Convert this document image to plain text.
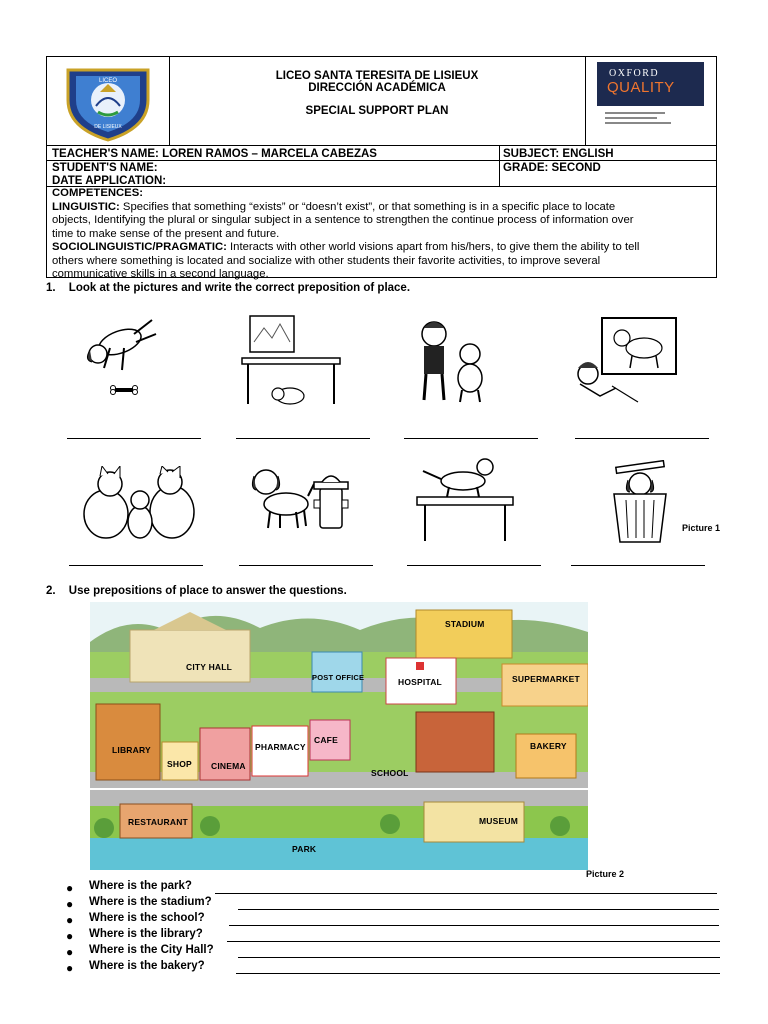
LICEO
DE LISIEUX
LICEO SANTA TERESITA DE LISIEUX
DIRECCIÓN ACADÉMICA
SPECIAL SUPPORT PLAN
OXFORD
QUALITY
TEACHER'S NAME: LOREN RAMOS – MARCELA CABEZAS	SUBJECT: ENGLISH
STUDENT'S NAME:	GRADE: SECOND
DATE APPLICATION:
COMPETENCES:
LINGUISTIC: Specifies that something “exists” or “doesn’t exist”, or that something is in a specific place to locate
objects, Identifying the plural or singular subject in a sentence to strengthen the continue process of information over
time to make sense of the present and future.
SOCIOLINGUISTIC/PRAGMATIC: Interacts with other world visions apart from his/hers, to give them the ability to tell
others where something is located and socialize with other students their favorite activities, to improve several
communicative skills in a second language.
1. Look at the pictures and write the correct preposition of place.
Picture 1
2. Use prepositions of place to answer the questions.
STADIUM
CITY HALL
POST OFFICE	HOSPITAL	SUPERMARKET
LIBRARY
SHOP CINEMA
PHARMACY
CAFE
SCHOOL
BAKERY
RESTAURANT	MUSEUM
PARK
Picture 2
● Where is the park?
● Where is the stadium?
● Where is the school?
● Where is the library?
● Where is the City Hall?
● Where is the bakery?
